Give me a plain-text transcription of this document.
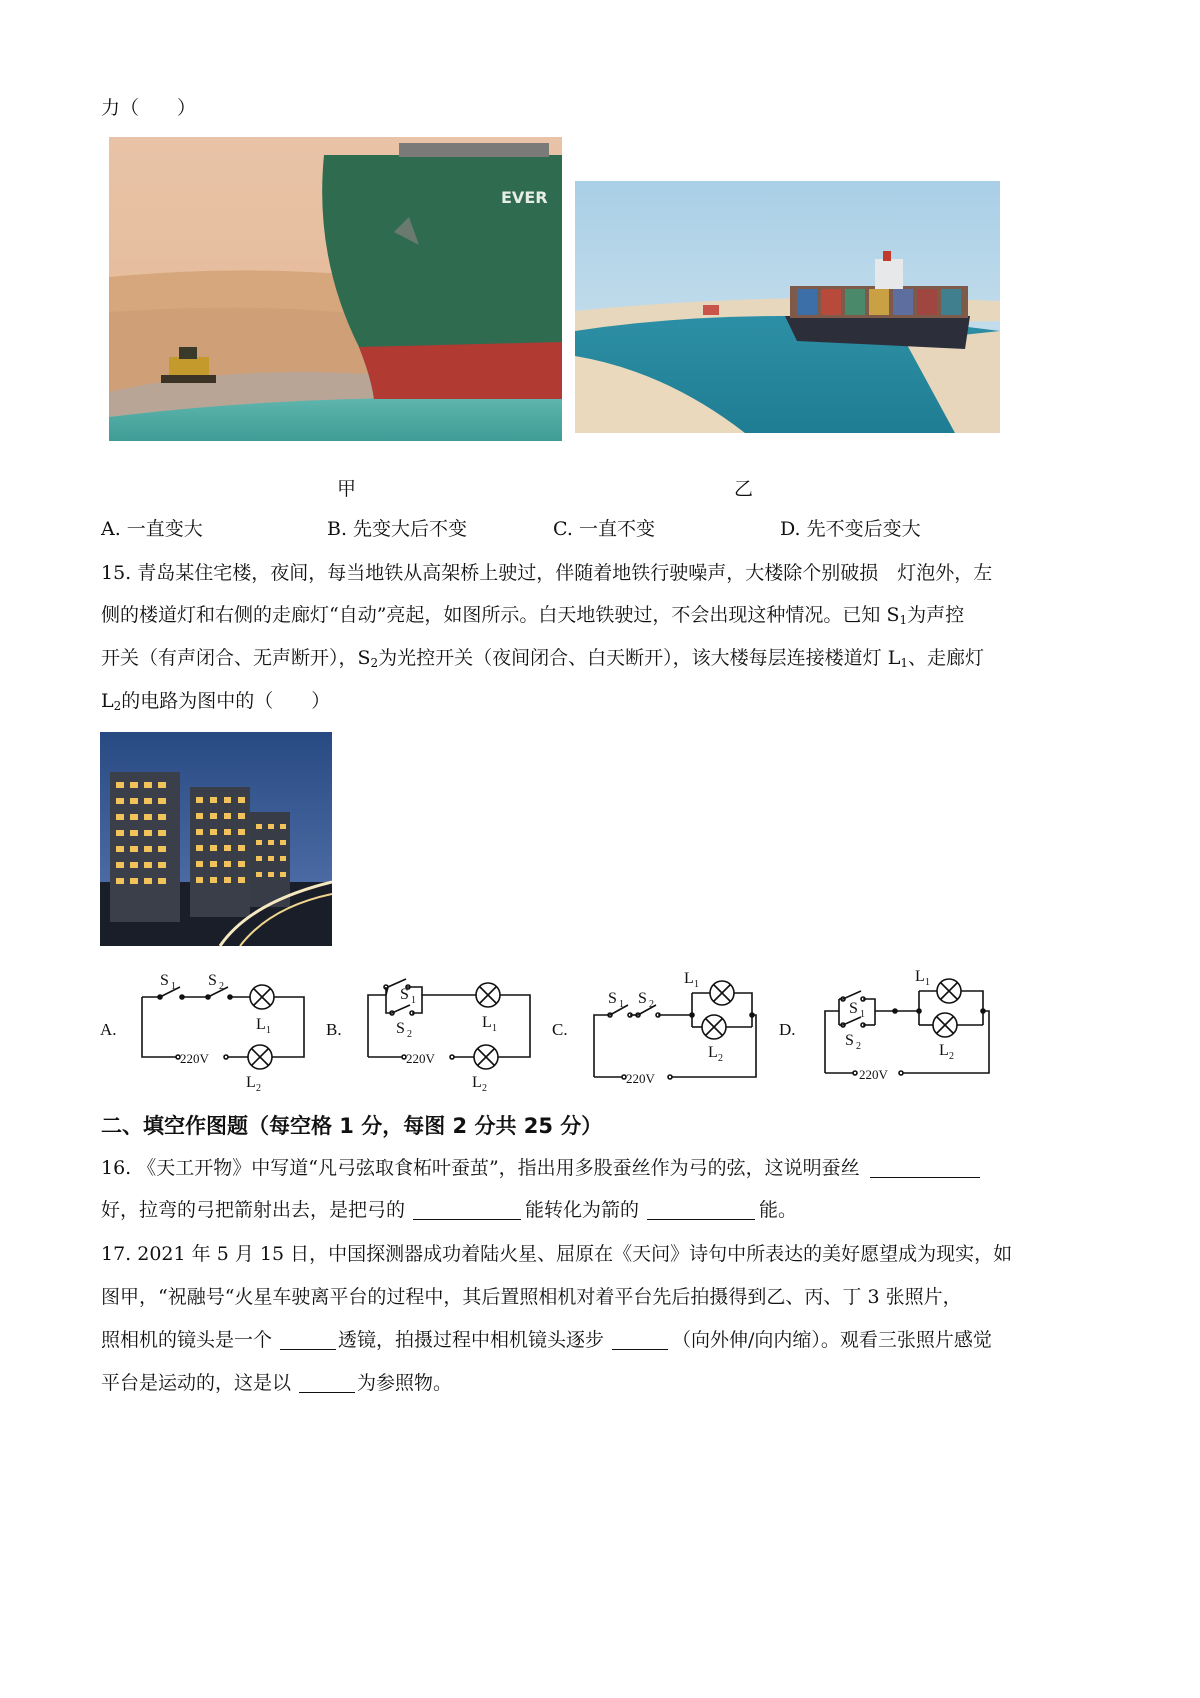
力（　　）
EVER
甲	乙
A. 一直变大	B. 先变大后不变	C. 一直不变	D. 先不变后变大
15. 青岛某住宅楼，夜间，每当地铁从高架桥上驶过，伴随着地铁行驶噪声，大楼除个别破损　灯泡外，左
侧的楼道灯和右侧的走廊灯“自动”亮起，如图所示。白天地铁驶过，不会出现这种情况。已知 $S_1$为声控
开关（有声闭合、无声断开），$S_2$为光控开关（夜间闭合、白天断开），该大楼每层连接楼道灯 $L_1$、走廊灯
$L_2$的电路为图中的（　　）
A.
S 1 S 2
L 1
220V
L 2
B.
S 1
S 2
L 1
220V
L 2
C.
S 1 S 2
L 1
L 2
220V
D.
S 1
S 2
L 1
L 2
220V
二、填空作图题（每空格 1 分，每图 2 分共 25 分）
16. 《天工开物》中写道“凡弓弦取食柘叶蚕茧”，指出用多股蚕丝作为弓的弦，这说明蚕丝
好，拉弯的弓把箭射出去，是把弓的	能转化为箭的	能。
17. 2021 年 5 月 15 日，中国探测器成功着陆火星、屈原在《天问》诗句中所表达的美好愿望成为现实，如
图甲，“祝融号“火星车驶离平台的过程中，其后置照相机对着平台先后拍摄得到乙、丙、丁 3 张照片，
照相机的镜头是一个	透镜，拍摄过程中相机镜头逐步	（向外伸/向内缩）。观看三张照片感觉
平台是运动的，这是以	为参照物。
